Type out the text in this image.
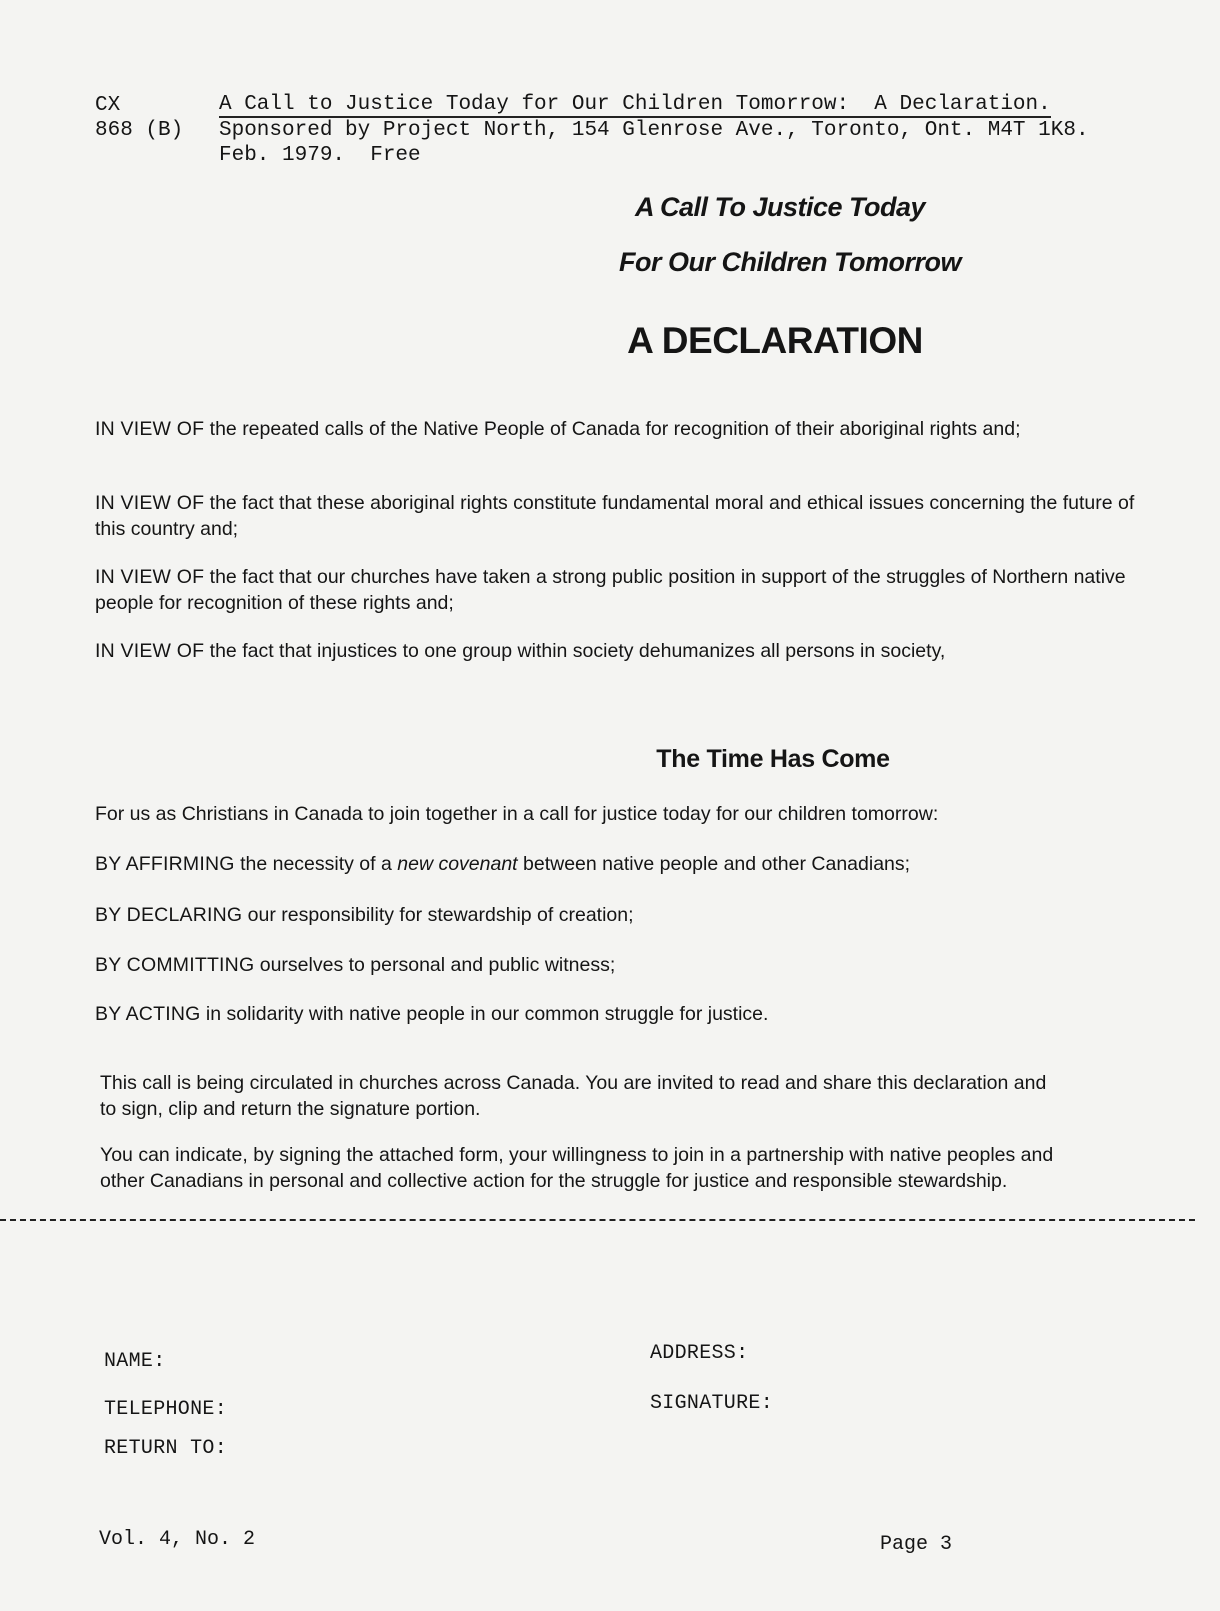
CX	A Call to Justice Today for Our Children Tomorrow:  A Declaration.
868 (B)	Sponsored by Project North, 154 Glenrose Ave., Toronto, Ont. M4T 1K8.
Feb. 1979.  Free
A Call To Justice Today
For Our Children Tomorrow
A DECLARATION
IN VIEW OF the repeated calls of the Native People of Canada for recognition of their aboriginal rights and;
IN VIEW OF the fact that these aboriginal rights constitute fundamental moral and ethical issues concerning the future of this country and;
IN VIEW OF the fact that our churches have taken a strong public position in support of the struggles of Northern native people for recognition of these rights and;
IN VIEW OF the fact that injustices to one group within society dehumanizes all persons in society,
The Time Has Come
For us as Christians in Canada to join together in a call for justice today for our children tomorrow:
BY AFFIRMING the necessity of a new covenant between native people and other Canadians;
BY DECLARING our responsibility for stewardship of creation;
BY COMMITTING ourselves to personal and public witness;
BY ACTING in solidarity with native people in our common struggle for justice.
This call is being circulated in churches across Canada. You are invited to read and share this declaration and to sign, clip and return the signature portion.
You can indicate, by signing the attached form, your willingness to join in a partnership with native peoples and other Canadians in personal and collective action for the struggle for justice and responsible stewardship.
NAME:	ADDRESS:
TELEPHONE:	SIGNATURE:
RETURN TO:
Vol. 4, No. 2	Page 3
